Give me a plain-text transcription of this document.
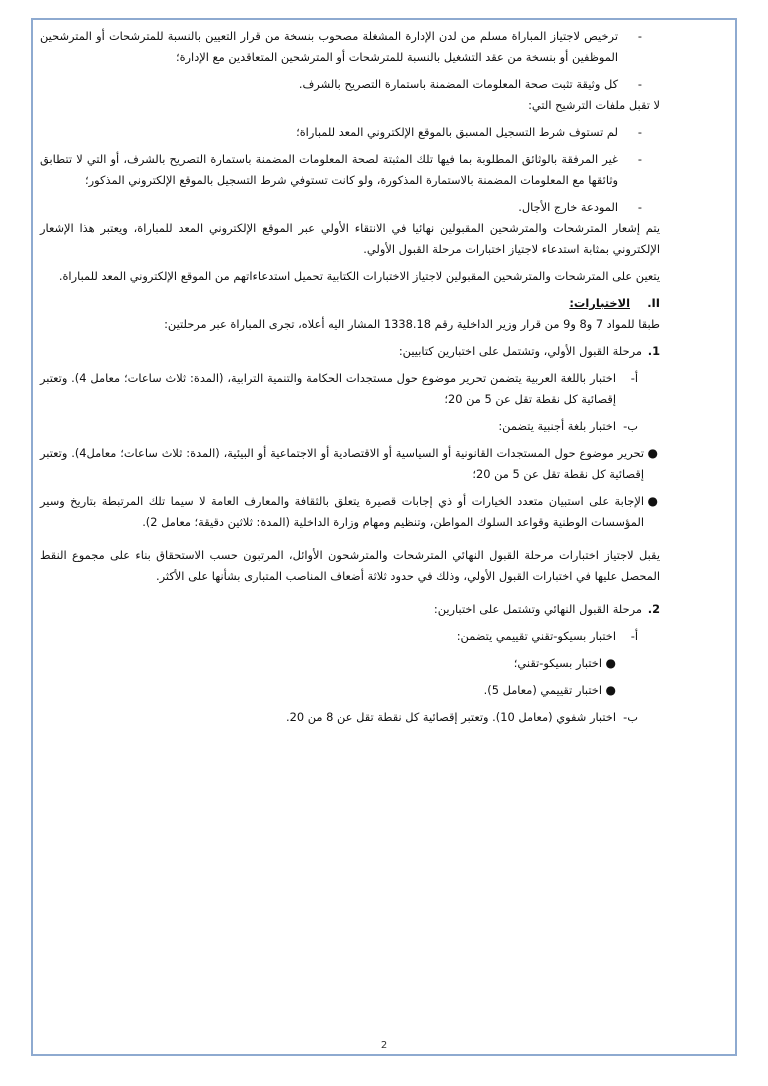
-
ترخيص لاجتياز المباراة مسلم من لدن الإدارة المشغلة مصحوب بنسخة من قرار التعيين بالنسبة للمترشحات أو المترشحين الموظفين أو بنسخة من عقد التشغيل بالنسبة للمترشحات أو المترشحين المتعاقدين مع الإدارة؛
-
كل وثيقة تثبت صحة المعلومات المضمنة باستمارة التصريح بالشرف.

لا تقبل ملفات الترشيح التي:

-
لم تستوف شرط التسجيل المسبق بالموقع الإلكتروني المعد للمباراة؛
-
غير المرفقة بالوثائق المطلوبة بما فيها تلك المثبتة لصحة المعلومات المضمنة باستمارة التصريح بالشرف، أو التي لا تتطابق وثائقها مع المعلومات المضمنة بالاستمارة المذكورة، ولو كانت تستوفي شرط التسجيل بالموقع الإلكتروني المذكور؛
-
المودعة خارج الأجال.

يتم إشعار المترشحات والمترشحين المقبولين نهائيا في الانتقاء الأولي عبر الموقع الإلكتروني المعد للمباراة، ويعتبر هذا الإشعار الإلكتروني بمثابة استدعاء لاجتياز اختبارات مرحلة القبول الأولي.

يتعين على المترشحات والمترشحين المقبولين لاجتياز الاختبارات الكتابية تحميل استدعاءاتهم من الموقع الإلكتروني المعد للمباراة.

II.
الاختبارات:

طبقا للمواد 7 و8 و9 من قرار وزير الداخلية رقم 1338.18 المشار اليه أعلاه، تجرى المباراة عبر مرحلتين:

1.
مرحلة القبول الأولي، وتشتمل على اختبارين كتابيين:
أ-
اختبار باللغة العربية يتضمن تحرير موضوع حول مستجدات الحكامة والتنمية الترابية، (المدة: ثلاث ساعات؛ معامل 4). وتعتبر إقصائية كل نقطة تقل عن 5 من 20؛
ب-
اختبار بلغة أجنبية يتضمن:
●
تحرير موضوع حول المستجدات القانونية أو السياسية أو الاقتصادية أو الاجتماعية أو البيئية، (المدة: ثلاث ساعات؛ معامل4). وتعتبر إقصائية كل نقطة تقل عن 5 من 20؛
●
الإجابة على استبيان متعدد الخيارات أو ذي إجابات قصيرة يتعلق بالثقافة والمعارف العامة لا سيما تلك المرتبطة بتاريخ وسير المؤسسات الوطنية وقواعد السلوك المواطن، وتنظيم ومهام وزارة الداخلية (المدة: ثلاثين دقيقة؛ معامل 2).

يقبل لاجتياز اختبارات مرحلة القبول النهائي المترشحات والمترشحون الأوائل، المرتبون حسب الاستحقاق بناء على مجموع النقط المحصل عليها في اختبارات القبول الأولي، وذلك في حدود ثلاثة أضعاف المناصب المتبارى بشأنها على الأكثر.

2.
مرحلة القبول النهائي وتشتمل على اختبارين:
أ-
اختبار بسيكو-تقني تقييمي يتضمن:
●
اختبار بسيكو-تقني؛
●
اختبار تقييمي (معامل 5).
ب-
اختبار شفوي (معامل 10). وتعتبر إقصائية كل نقطة تقل عن 8 من 20.
2
